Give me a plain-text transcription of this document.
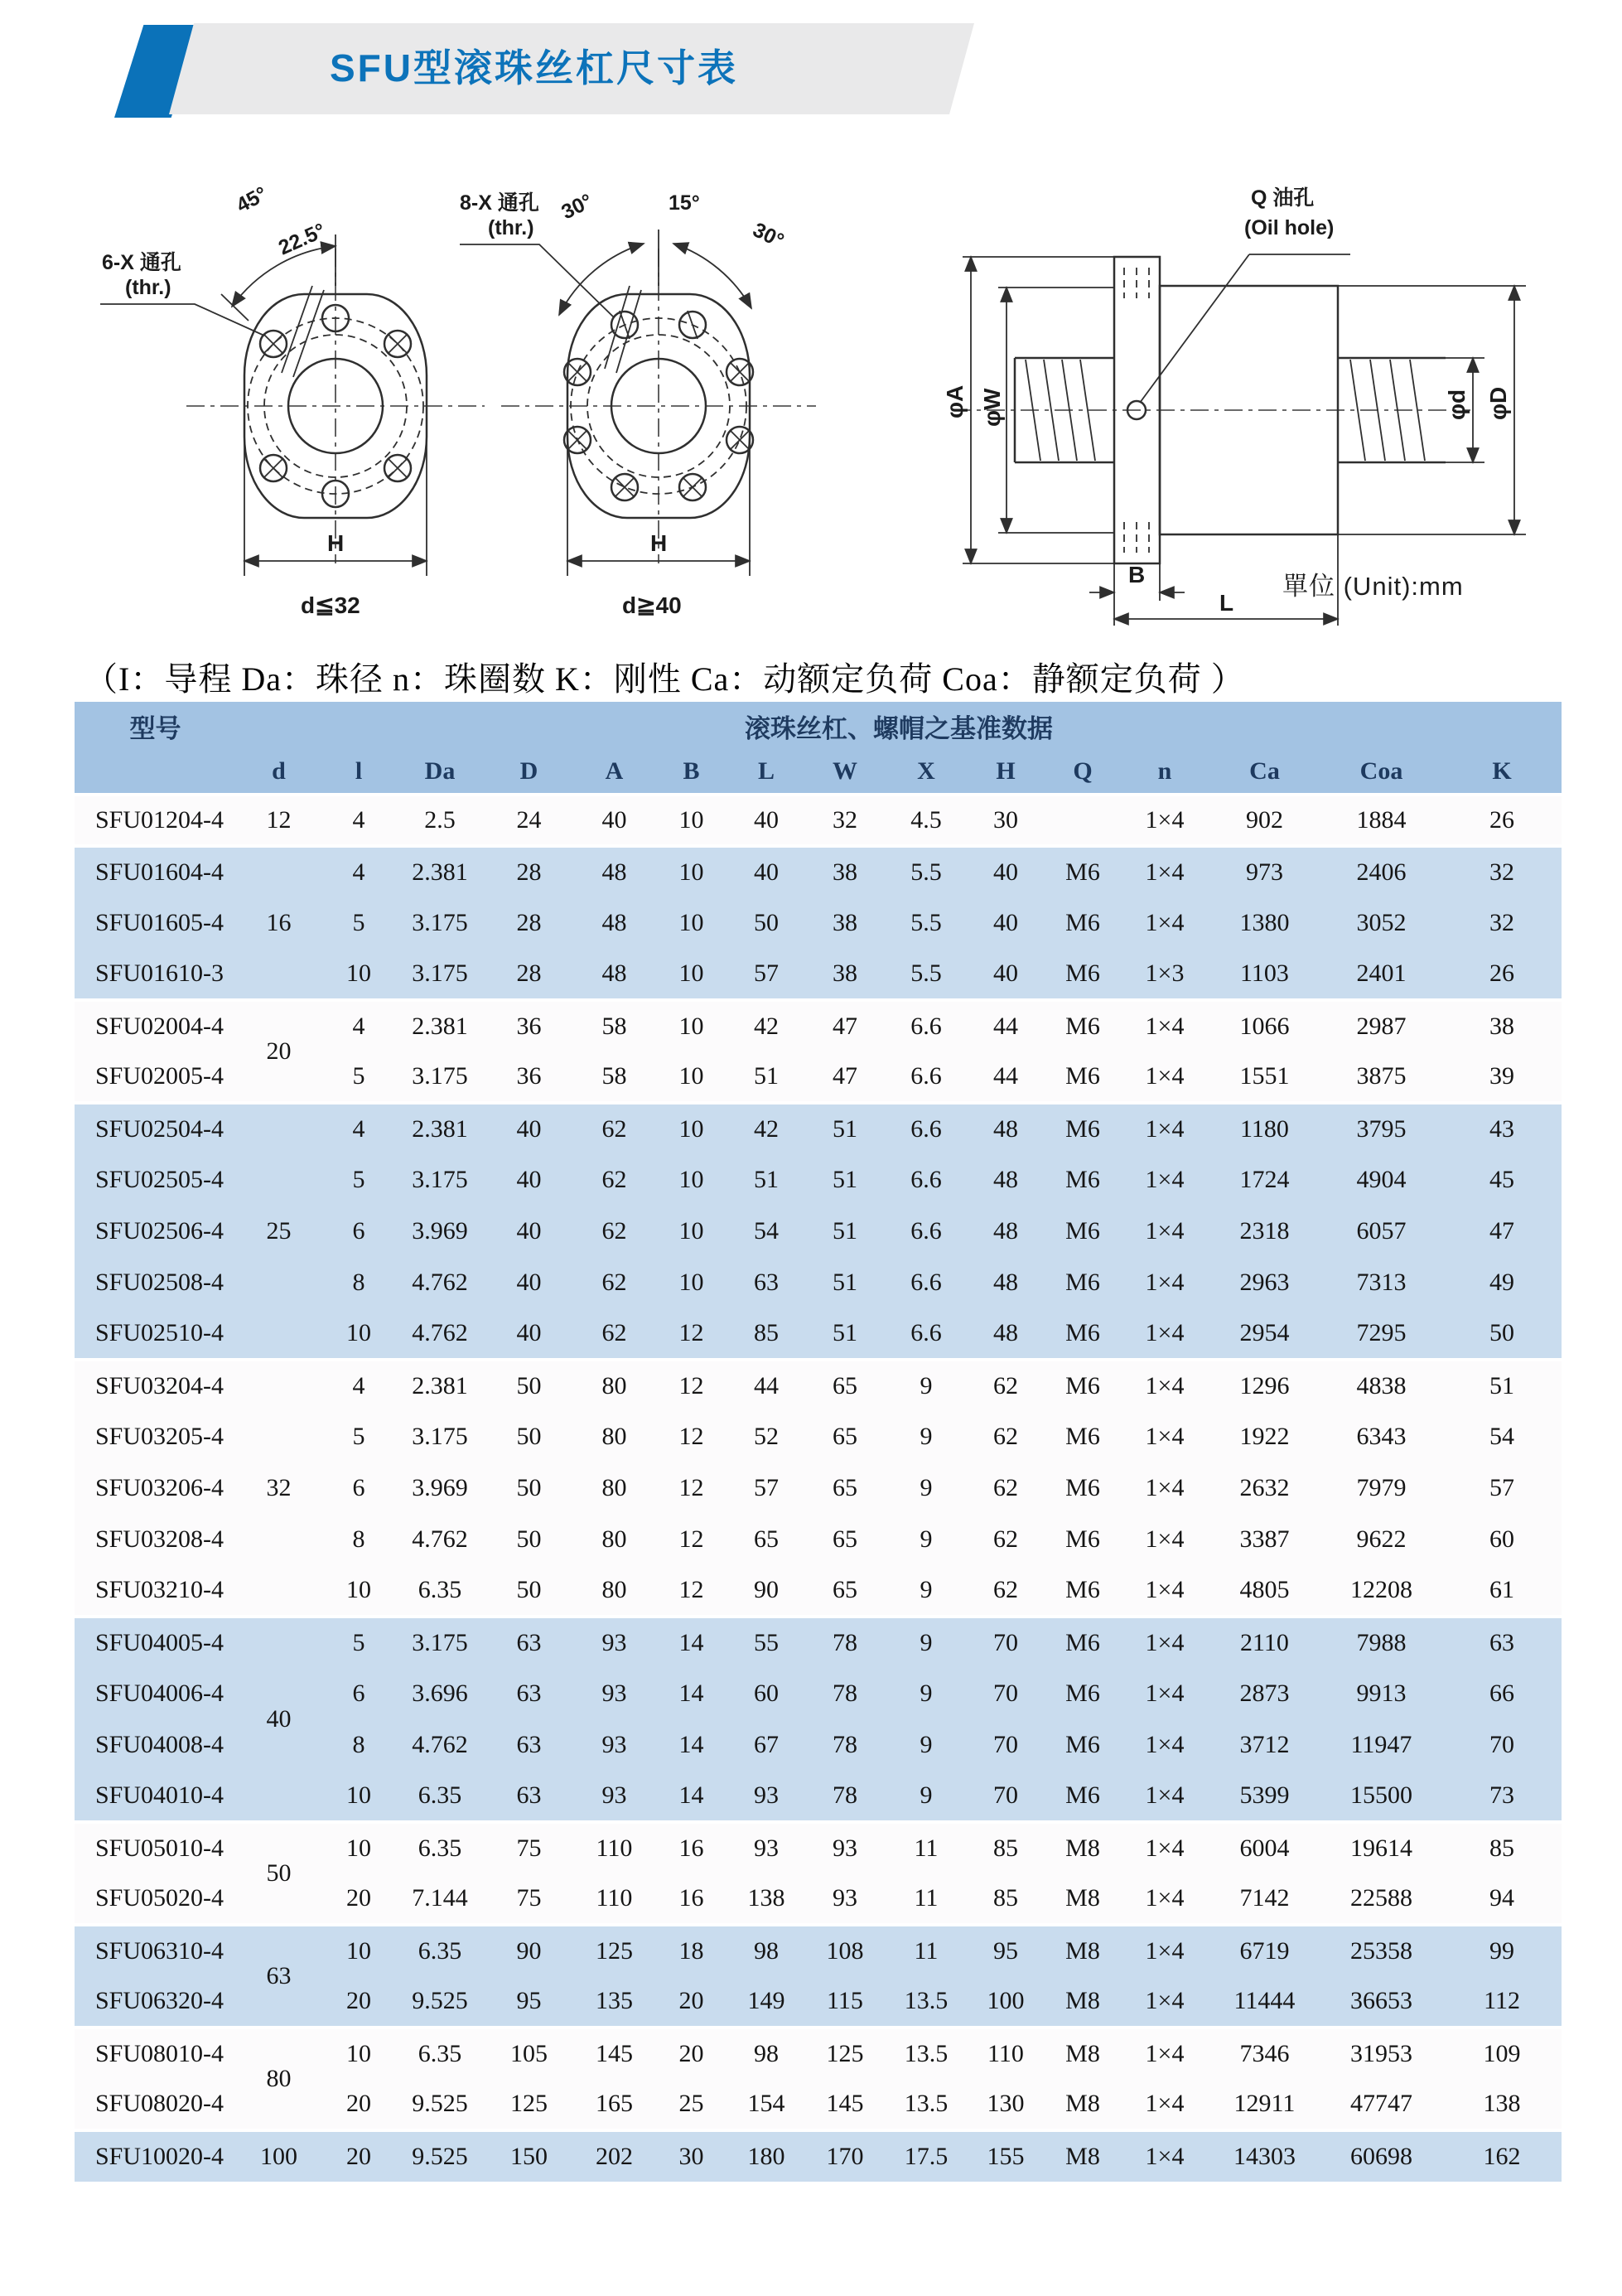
SFU型滚珠丝杠尺寸表
45°
22.5°
6-X 通孔
(thr.)
H
d≦32
30°	15°
30°
8-X 通孔
(thr.)
H
d≧40
Q 油孔
(Oil hole)
φA φW	φd φD
B
L
單位 (Unit):mm
（I：导程 Da：珠径 n：珠圈数 K：刚性 Ca：动额定负荷 Coa：静额定负荷 ）
型号	滚珠丝杠、螺帽之基准数据														
	d	l	Da	D	A	B	L	W	X	H	Q	n	Ca	Coa	K
SFU01204-4	12	4	2.5	24	40	10	40	32	4.5	30		1×4	902	1884	26
SFU01604-4	16	4	2.381	28	48	10	40	38	5.5	40	M6	1×4	973	2406	32
SFU01605-4		5	3.175	28	48	10	50	38	5.5	40	M6	1×4	1380	3052	32
SFU01610-3		10	3.175	28	48	10	57	38	5.5	40	M6	1×3	1103	2401	26
SFU02004-4	20	4	2.381	36	58	10	42	47	6.6	44	M6	1×4	1066	2987	38
SFU02005-4		5	3.175	36	58	10	51	47	6.6	44	M6	1×4	1551	3875	39
SFU02504-4	25	4	2.381	40	62	10	42	51	6.6	48	M6	1×4	1180	3795	43
SFU02505-4		5	3.175	40	62	10	51	51	6.6	48	M6	1×4	1724	4904	45
SFU02506-4		6	3.969	40	62	10	54	51	6.6	48	M6	1×4	2318	6057	47
SFU02508-4		8	4.762	40	62	10	63	51	6.6	48	M6	1×4	2963	7313	49
SFU02510-4		10	4.762	40	62	12	85	51	6.6	48	M6	1×4	2954	7295	50
SFU03204-4	32	4	2.381	50	80	12	44	65	9	62	M6	1×4	1296	4838	51
SFU03205-4		5	3.175	50	80	12	52	65	9	62	M6	1×4	1922	6343	54
SFU03206-4		6	3.969	50	80	12	57	65	9	62	M6	1×4	2632	7979	57
SFU03208-4		8	4.762	50	80	12	65	65	9	62	M6	1×4	3387	9622	60
SFU03210-4		10	6.35	50	80	12	90	65	9	62	M6	1×4	4805	12208	61
SFU04005-4	40	5	3.175	63	93	14	55	78	9	70	M6	1×4	2110	7988	63
SFU04006-4		6	3.696	63	93	14	60	78	9	70	M6	1×4	2873	9913	66
SFU04008-4		8	4.762	63	93	14	67	78	9	70	M6	1×4	3712	11947	70
SFU04010-4		10	6.35	63	93	14	93	78	9	70	M6	1×4	5399	15500	73
SFU05010-4	50	10	6.35	75	110	16	93	93	11	85	M8	1×4	6004	19614	85
SFU05020-4		20	7.144	75	110	16	138	93	11	85	M8	1×4	7142	22588	94
SFU06310-4	63	10	6.35	90	125	18	98	108	11	95	M8	1×4	6719	25358	99
SFU06320-4		20	9.525	95	135	20	149	115	13.5	100	M8	1×4	11444	36653	112
SFU08010-4	80	10	6.35	105	145	20	98	125	13.5	110	M8	1×4	7346	31953	109
SFU08020-4		20	9.525	125	165	25	154	145	13.5	130	M8	1×4	12911	47747	138
SFU10020-4	100	20	9.525	150	202	30	180	170	17.5	155	M8	1×4	14303	60698	162
